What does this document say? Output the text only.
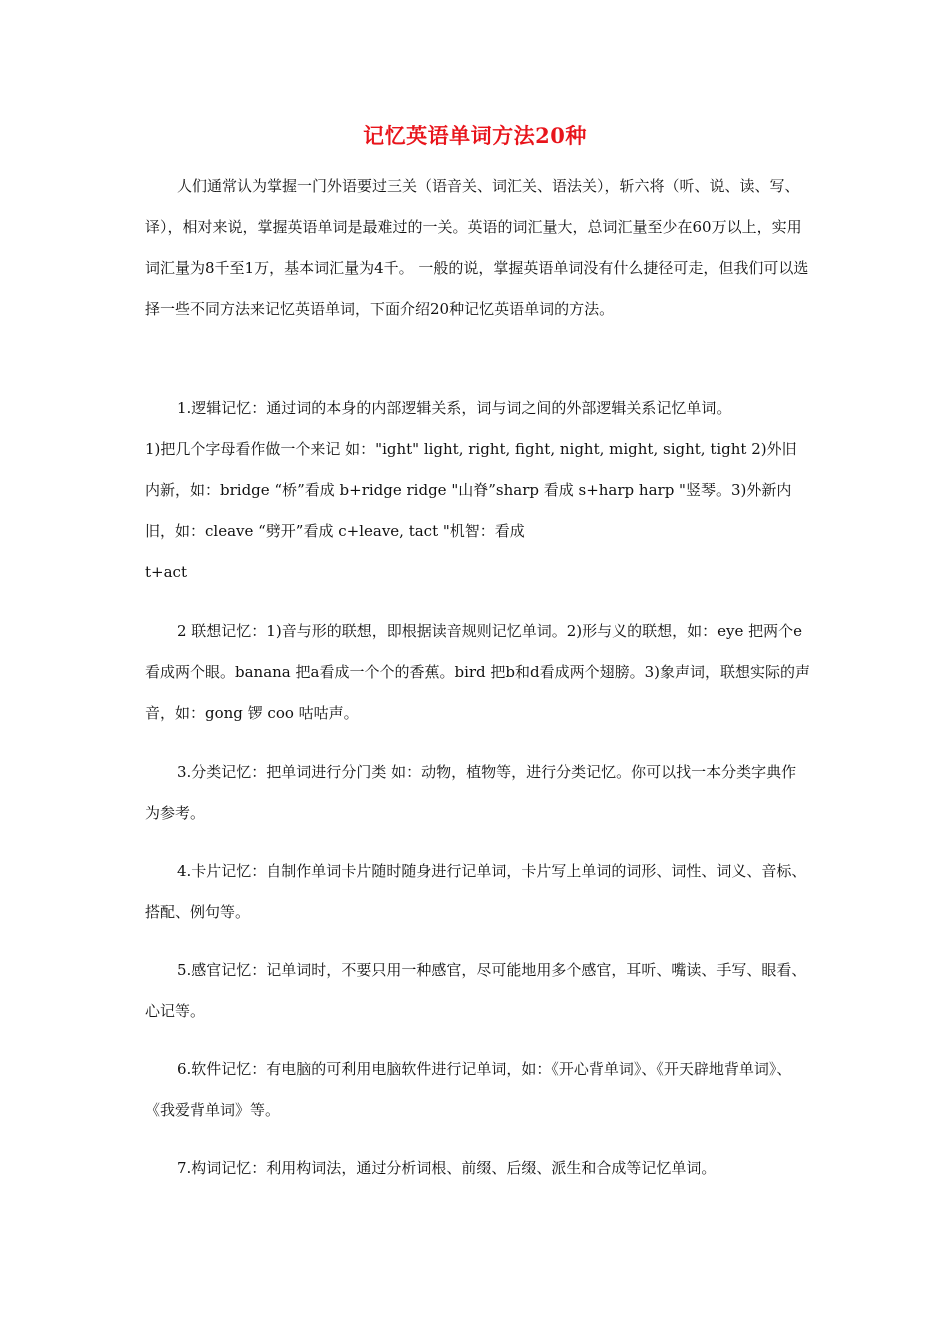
记忆英语单词方法20种

人们通常认为掌握一门外语要过三关（语音关、词汇关、语法关），斩六将（听、说、读、写、译），相对来说，掌握英语单词是最难过的一关。英语的词汇量大，总词汇量至少在60万以上，实用词汇量为8千至1万，基本词汇量为4千。 一般的说，掌握英语单词没有什么捷径可走，但我们可以选择一些不同方法来记忆英语单词，下面介绍20种记忆英语单词的方法。

1.逻辑记忆：通过词的本身的内部逻辑关系，词与词之间的外部逻辑关系记忆单词。

1)把几个字母看作做一个来记 如："ight" light, right, fight, night, might, sight, tight 2)外旧内新，如：bridge “桥”看成 b+ridge ridge "山脊”sharp 看成 s+harp harp "竖琴。3)外新内旧，如：cleave “劈开”看成 c+leave, tact "机智：看成

t+act

2 联想记忆：1)音与形的联想，即根据读音规则记忆单词。2)形与义的联想，如：eye 把两个e看成两个眼。banana 把a看成一个个的香蕉。bird 把b和d看成两个翅膀。3)象声词，联想实际的声音，如：gong 锣 coo 咕咕声。

3.分类记忆：把单词进行分门类 如：动物，植物等，进行分类记忆。你可以找一本分类字典作为参考。

4.卡片记忆：自制作单词卡片随时随身进行记单词，卡片写上单词的词形、词性、词义、音标、搭配、例句等。

5.感官记忆：记单词时，不要只用一种感官，尽可能地用多个感官，耳听、嘴读、手写、眼看、心记等。

6.软件记忆：有电脑的可利用电脑软件进行记单词，如：《开心背单词》、《开天辟地背单词》、《我爱背单词》等。

7.构词记忆：利用构词法，通过分析词根、前缀、后缀、派生和合成等记忆单词。
